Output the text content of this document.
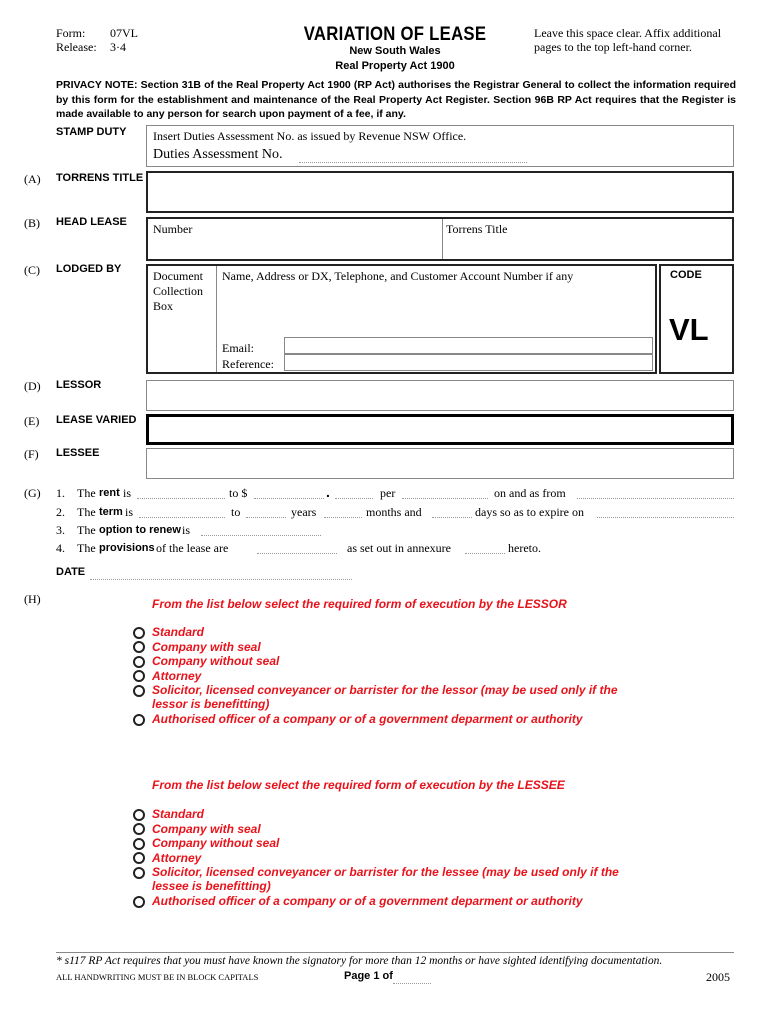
Form: 07VL
Release: 3·4
VARIATION OF LEASE
New South Wales
Real Property Act 1900
Leave this space clear. Affix additional
pages to the top left-hand corner.
PRIVACY NOTE: Section 31B of the Real Property Act 1900 (RP Act) authorises the Registrar General to collect the information required by this form for the establishment and maintenance of the Real Property Act Register. Section 96B RP Act requires that the Register is made available to any person for search upon payment of a fee, if any.
STAMP DUTY Insert Duties Assessment No. as issued by Revenue NSW Office.
Duties Assessment No.
(A) TORRENS TITLE
(B) HEAD LEASE Number	Torrens Title
(C) LODGED BY	Document
Collection
Box
Name, Address or DX, Telephone, and Customer Account Number if any
Email:
Reference:
CODE
VL
(D) LESSOR
(E) LEASE VARIED
(F) LESSEE
(G) 1. The rent is	to $	.	per	on and as from
2. The term is	to	years	months and	days so as to expire on
3. The option to renew is
4. The provisions of the lease are	as set out in annexure	hereto.
DATE
(H)	From the list below select the required form of execution by the LESSOR
Standard
Company with seal
Company without seal
Attorney
Solicitor, licensed conveyancer or barrister for the lessor (may be used only if the
lessor is benefitting)
Authorised officer of a company or of a government deparment or authority
From the list below select the required form of execution by the LESSEE
Standard
Company with seal
Company without seal
Attorney
Solicitor, licensed conveyancer or barrister for the lessee (may be used only if the
lessee is benefitting)
Authorised officer of a company or of a government deparment or authority
* s117 RP Act requires that you must have known the signatory for more than 12 months or have sighted identifying documentation.
ALL HANDWRITING MUST BE IN BLOCK CAPITALS	Page 1 of	2005
